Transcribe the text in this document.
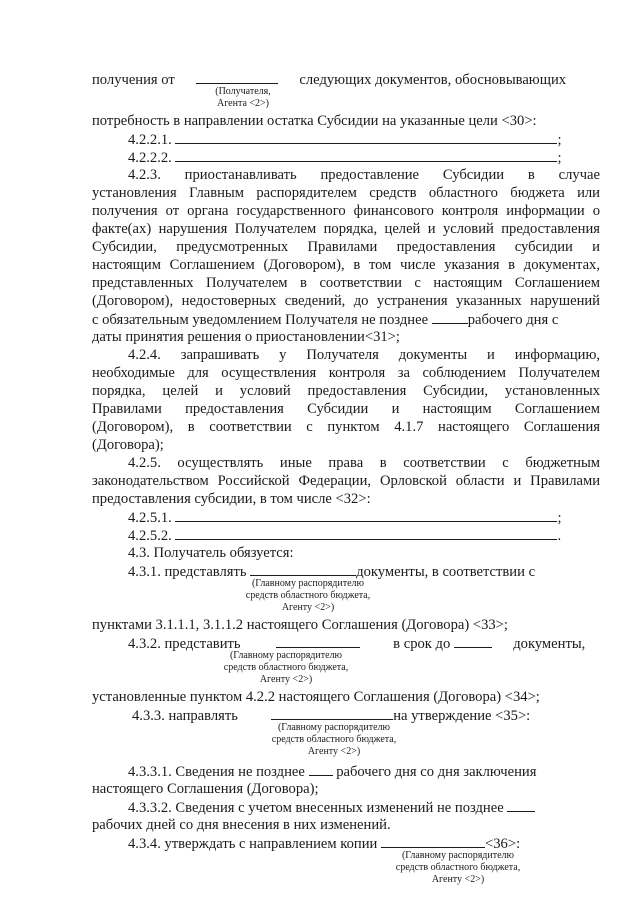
получения от	следующих документов, обосновывающих
(Получателя,
Агента <2>)
потребность в направлении остатка Субсидии на указанные цели <30>:
4.2.2.1.	;
4.2.2.2.	;
4.2.3. приостанавливать предоставление Субсидии в случае
установления Главным распорядителем средств областного бюджета или
получения от органа государственного финансового контроля информации о
факте(ах) нарушения Получателем порядка, целей и условий предоставления
Субсидии, предусмотренных Правилами предоставления субсидии и
настоящим Соглашением (Договором), в том числе указания в документах,
представленных Получателем в соответствии с настоящим Соглашением
(Договором), недостоверных сведений, до устранения указанных нарушений
с обязательным уведомлением Получателя не позднее	рабочего дня с
даты принятия решения о приостановлении<31>;
4.2.4. запрашивать у Получателя документы и информацию,
необходимые для осуществления контроля за соблюдением Получателем
порядка, целей и условий предоставления Субсидии, установленных
Правилами предоставления Субсидии и настоящим Соглашением
(Договором), в соответствии с пунктом 4.1.7 настоящего Соглашения
(Договора);
4.2.5. осуществлять иные права в соответствии с бюджетным
законодательством Российской Федерации, Орловской области и Правилами
предоставления субсидии, в том числе <32>:
4.2.5.1.	;
4.2.5.2.	.
4.3. Получатель обязуется:
4.3.1. представлять	документы, в соответствии с
(Главному распорядителю
средств областного бюджета,
Агенту <2>)
пунктами 3.1.1.1, 3.1.1.2 настоящего Соглашения (Договора) <33>;
4.3.2. представить	в срок до	документы,
(Главному распорядителю
средств областного бюджета,
Агенту <2>)
установленные пунктом 4.2.2 настоящего Соглашения (Договора) <34>;
4.3.3. направлять	на утверждение <35>:
(Главному распорядителю
средств областного бюджета,
Агенту <2>)
4.3.3.1. Сведения не позднее рабочего дня со дня заключения
настоящего Соглашения (Договора);
4.3.3.2. Сведения с учетом внесенных изменений не позднее
рабочих дней со дня внесения в них изменений.
4.3.4. утверждать с направлением копии	<36>:
(Главному распорядителю
средств областного бюджета,
Агенту <2>)
